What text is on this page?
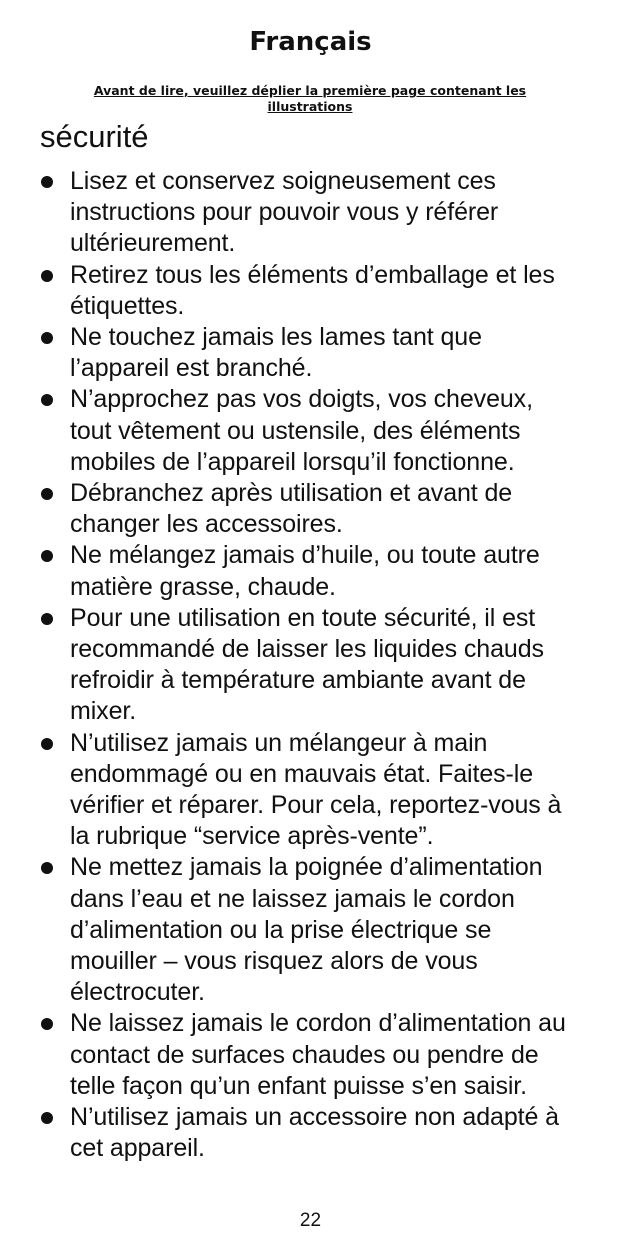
Français

Avant de lire, veuillez déplier la première page contenant les illustrations

sécurité
Lisez et conservez soigneusement ces instructions pour pouvoir vous y référer ultérieurement.
Retirez tous les éléments d’emballage et les étiquettes.
Ne touchez jamais les lames tant que l’appareil est branché.
N’approchez pas vos doigts, vos cheveux, tout vêtement ou ustensile, des éléments mobiles de l’appareil lorsqu’il fonctionne.
Débranchez après utilisation et avant de changer les accessoires.
Ne mélangez jamais d’huile, ou toute autre matière grasse, chaude.
Pour une utilisation en toute sécurité, il est recommandé de laisser les liquides chauds refroidir à température ambiante avant de mixer.
N’utilisez jamais un mélangeur à main endommagé ou en mauvais état. Faites-le vérifier et réparer. Pour cela, reportez-vous à la rubrique “service après-vente”.
Ne mettez jamais la poignée d’alimentation dans l’eau et ne laissez jamais le cordon d’alimentation ou la prise électrique se mouiller – vous risquez alors de vous électrocuter.
Ne laissez jamais le cordon d’alimentation au contact de surfaces chaudes ou pendre de telle façon qu’un enfant puisse s’en saisir.
N’utilisez jamais un accessoire non adapté à cet appareil.

22
